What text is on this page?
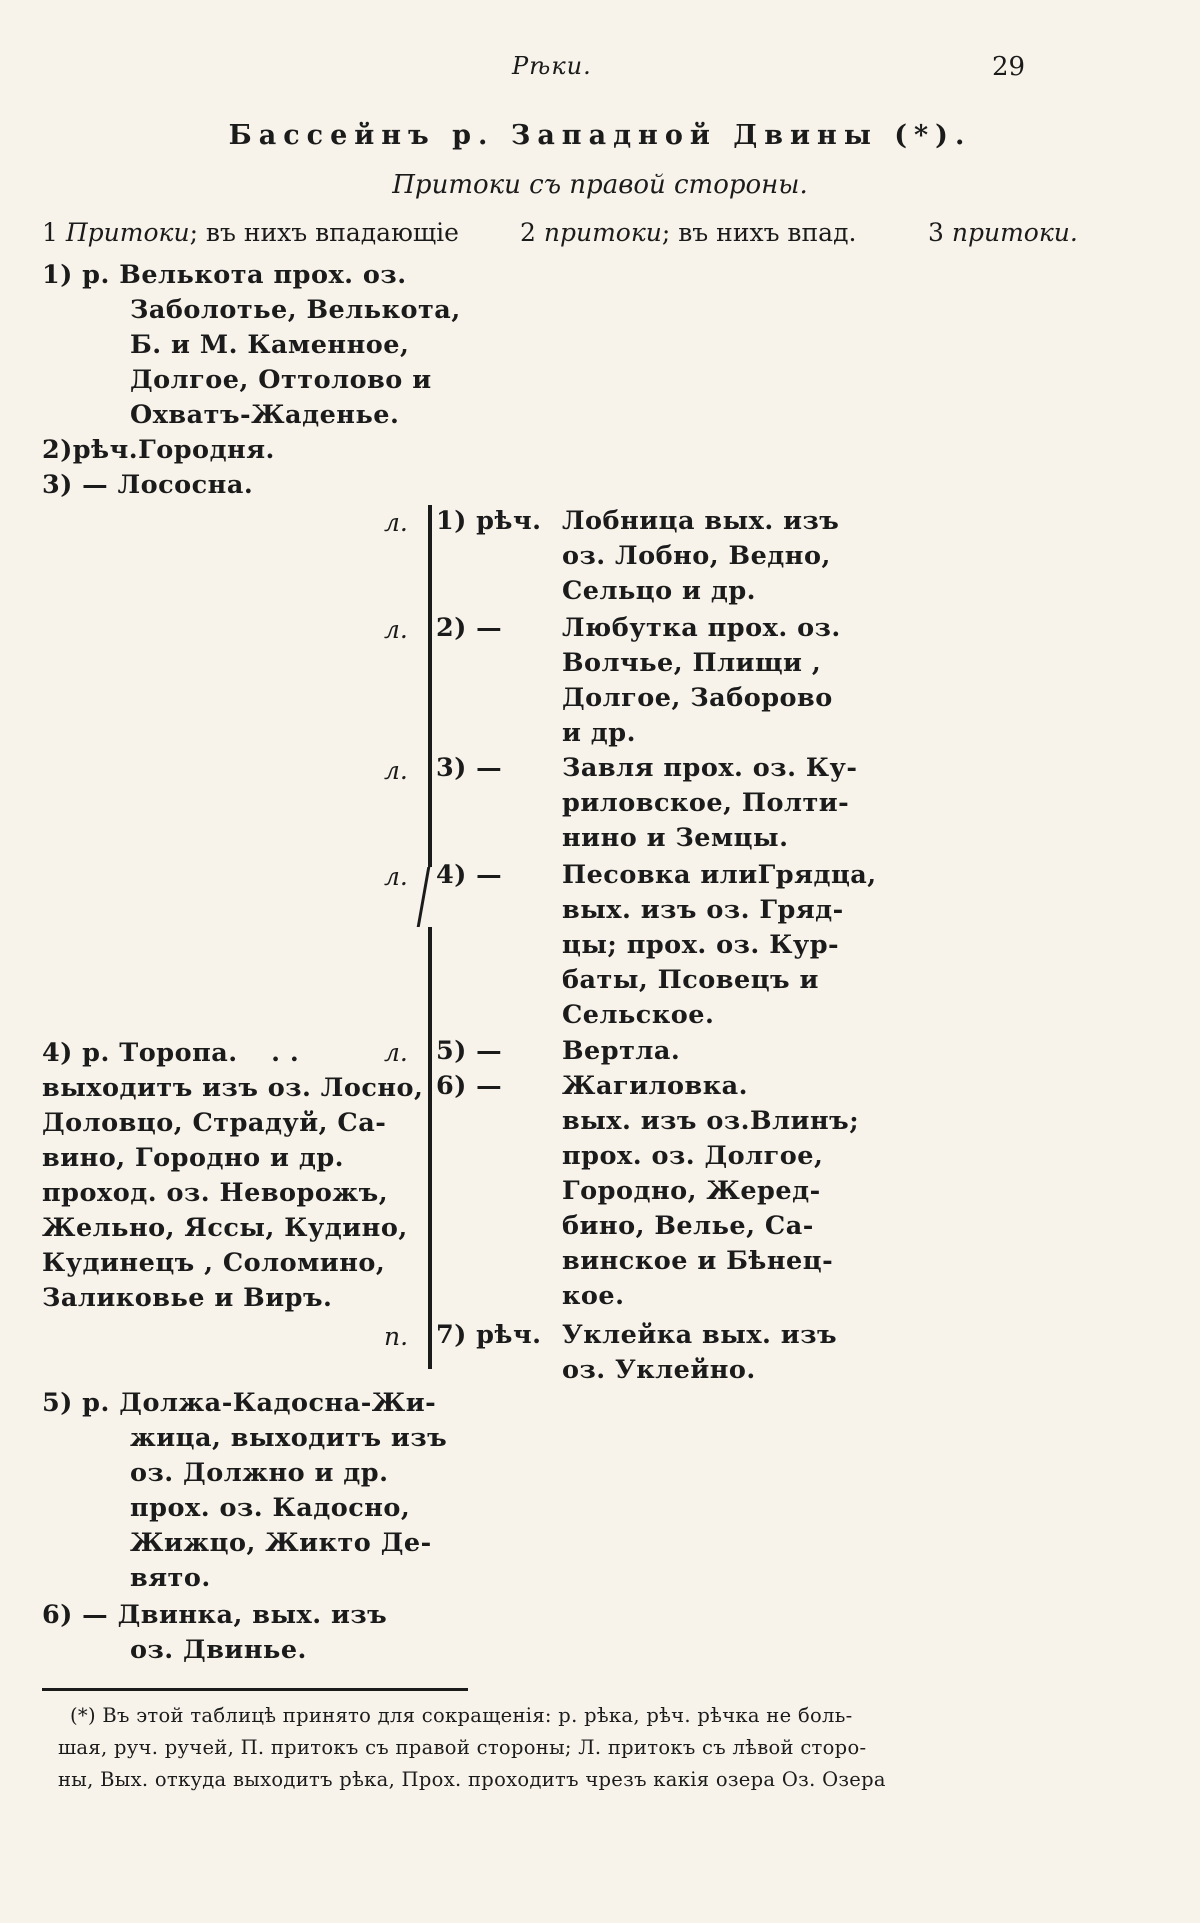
Рѣки.	29
Бассейнъ р. Западной Двины (*).
Притоки съ правой стороны.
1 Притоки; въ нихъ впадающіе 2 притоки; въ нихъ впад.	3 притоки.
1) р. Велькота прох. оз.
Заболотье, Велькота,
Б. и М. Каменное,
Долгое, Оттолово и
Охватъ-Жаденье.
2)рѣч.Городня.
3) — Лососна.
4) р. Торопа. . .
выходитъ изъ оз. Лосно,
Доловцо, Страдуй, Са-
вино, Городно и др.
проход. оз. Неворожъ,
Жельно, Яссы, Кудино,
Кудинецъ , Соломино,
Заликовье и Виръ.
5) р. Должа-Кадосна-Жи-
жица, выходитъ изъ
оз. Должно и др.
прох. оз. Кадосно,
Жижцо, Жикто Де-
вято.
6) — Двинка, вых. изъ
оз. Двинье.
л.
л.
л.
л.
л.
п.
1) рѣч.
2) —
3) —
4) —
5) —
6) —
7) рѣч.
Лобница вых. изъ
оз. Лобно, Ведно,
Сельцо и др.
Любутка прох. оз.
Волчье, Плищи ,
Долгое, Заборово
и др.
Завля прох. оз. Ку-
риловское, Полти-
нино и Земцы.
Песовка илиГрядца,
вых. изъ оз. Гряд-
цы; прох. оз. Кур-
баты, Псовецъ и
Сельское.
Вертла.
Жагиловка.
вых. изъ оз.Влинъ;
прох. оз. Долгое,
Городно, Жеред-
бино, Велье, Са-
винское и Бѣнец-
кое.
Уклейка вых. изъ
оз. Уклейно.
(*) Въ этой таблицѣ принято для сокращенія: р. рѣка, рѣч. рѣчка не боль-
шая, руч. ручей, П. притокъ съ правой стороны; Л. притокъ съ лѣвой сторо-
ны, Вых. откуда выходитъ рѣка, Прох. проходитъ чрезъ какія озера Оз. Озера
